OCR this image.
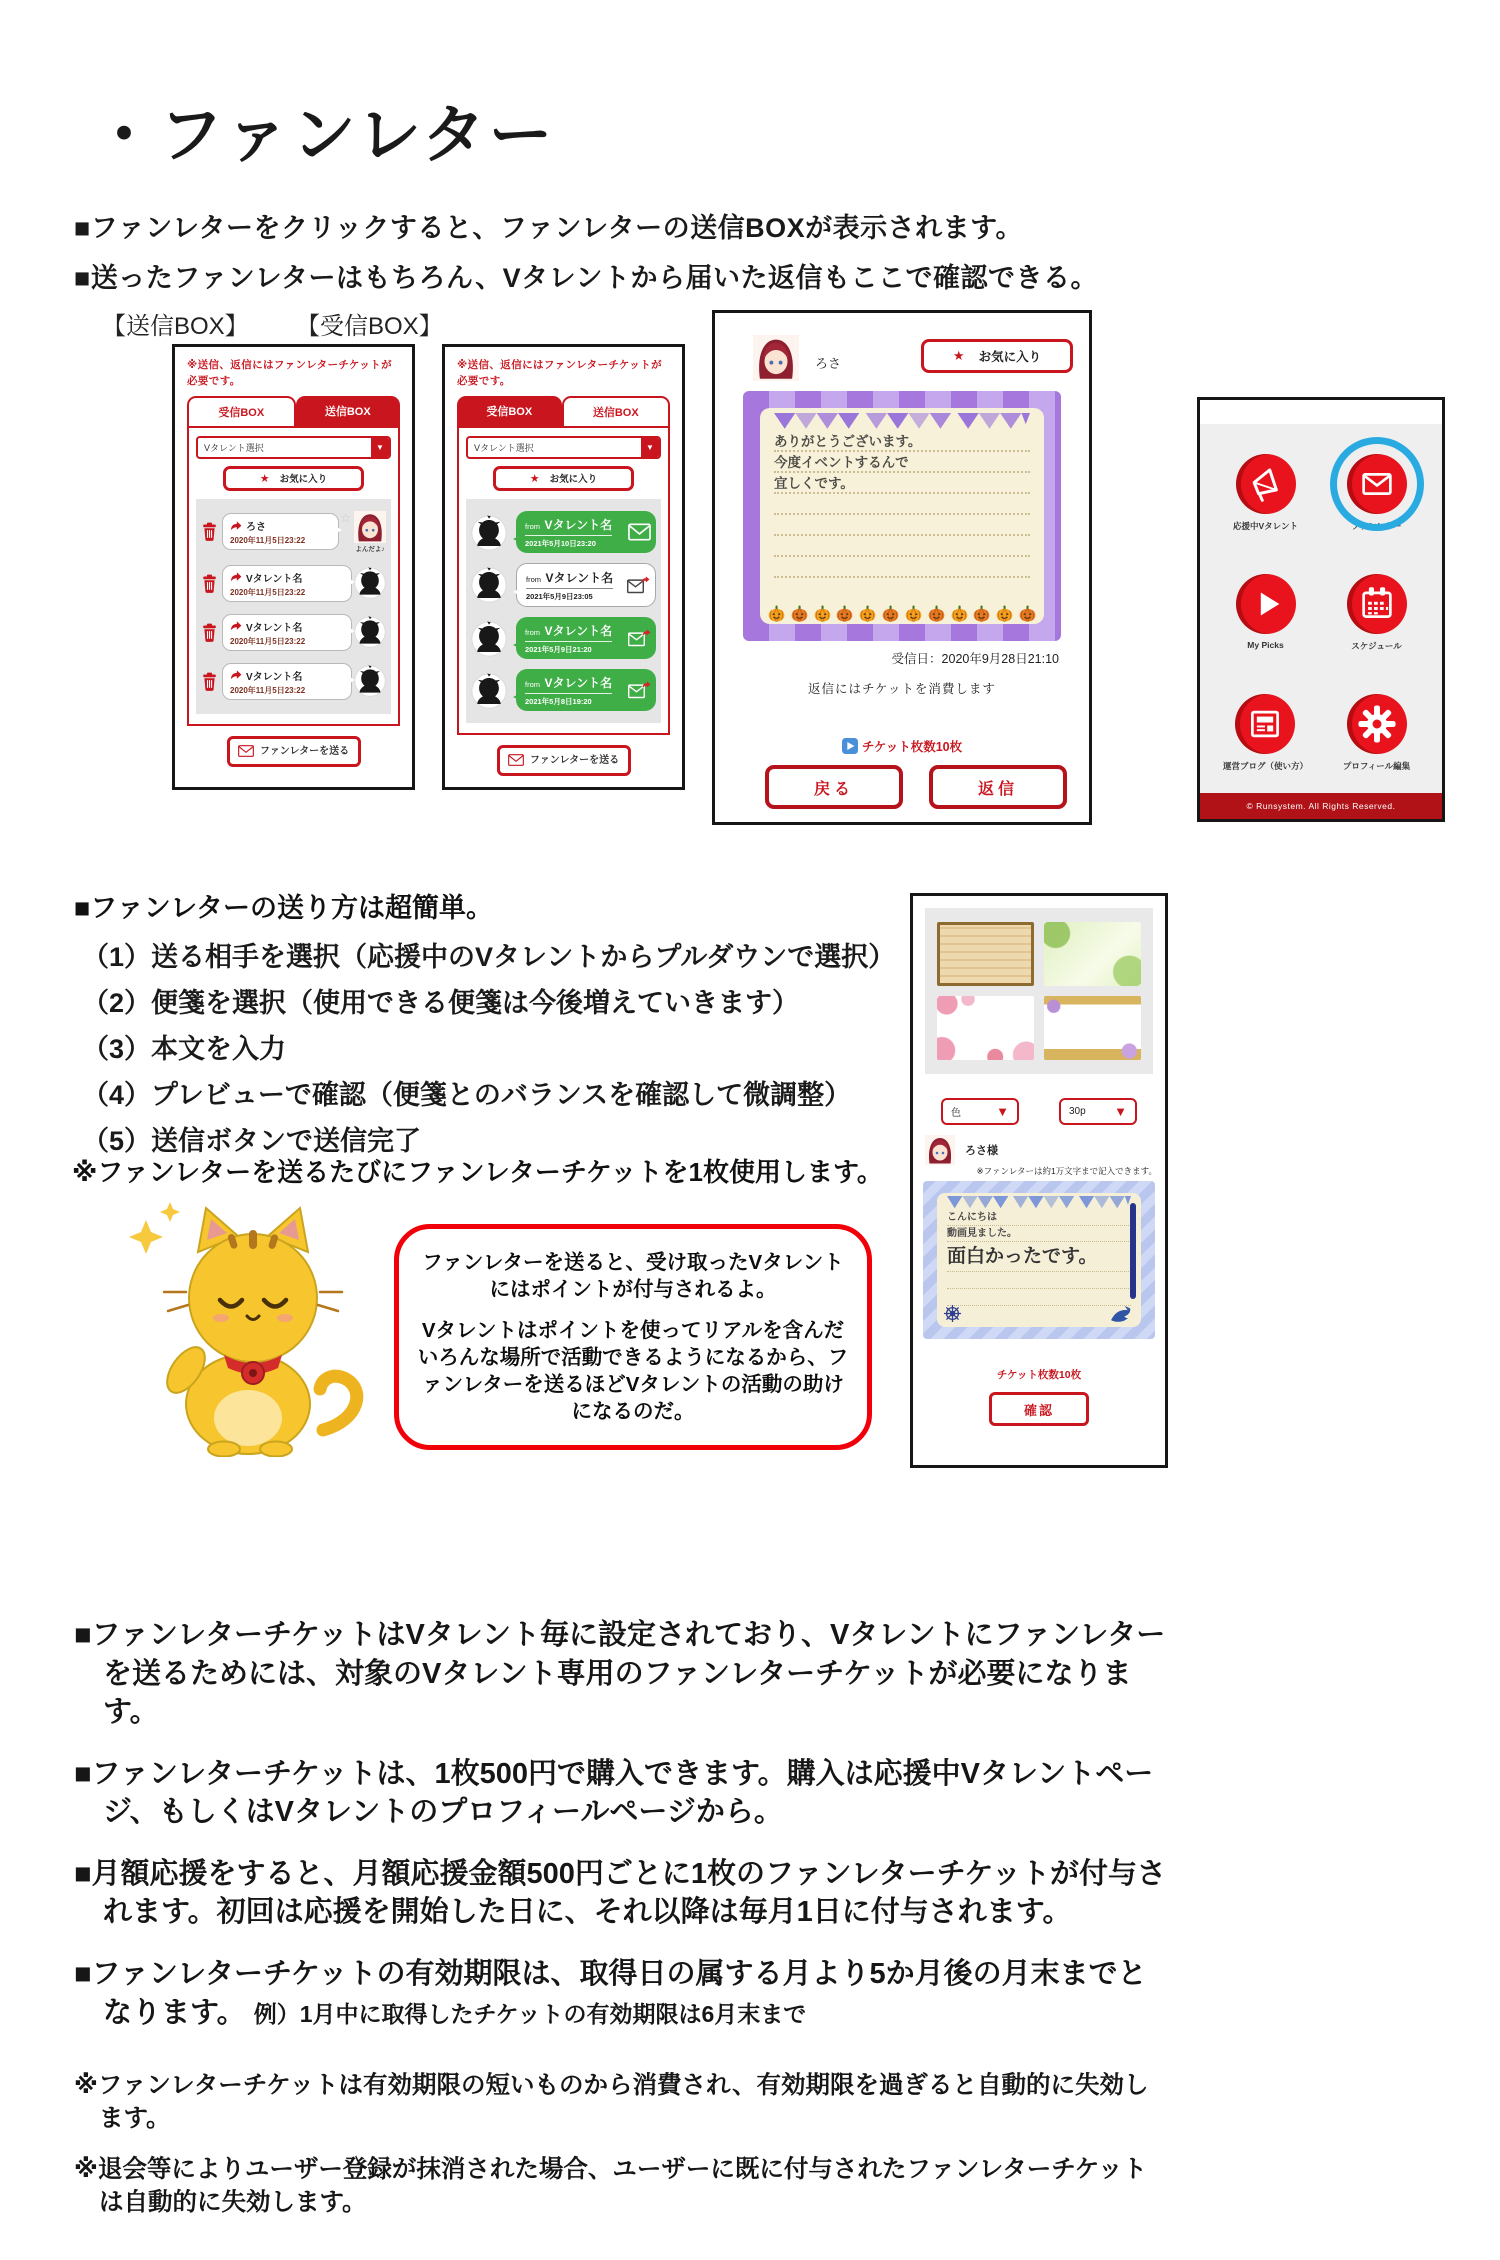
・ファンレター
■ファンレターをクリックすると、ファンレターの送信BOXが表示されます。
■送ったファンレターはもちろん、Vタレントから届いた返信もここで確認できる。
【送信BOX】 【受信BOX】
※送信、返信にはファンレターチケットが必要です。
受信BOX	送信BOX
Vタレント選択	▼
★ お気に入り
ろさ
2020年11月5日23:22
☆
よんだよ♪
Vタレント名
2020年11月5日23:22
Vタレント名
2020年11月5日23:22
Vタレント名
2020年11月5日23:22
ファンレターを送る
※送信、返信にはファンレターチケットが必要です。
受信BOX	送信BOX
Vタレント選択	▼
★ お気に入り
from Vタレント名
2021年5月10日23:20
from Vタレント名
2021年5月9日23:05
from Vタレント名
2021年5月9日21:20
from Vタレント名
2021年5月8日19:20
ファンレターを送る
ろさ
★ お気に入り
ありがとうございます。
今度イベントするんで
宜しくです。
受信日：2020年9月28日21:10
返信にはチケットを消費します
チケット枚数10枚
戻る	返信
応援中Vタレント	ファンレター
My Picks	スケジュール
運営ブログ（使い方）	プロフィール編集
© Runsystem. All Rights Reserved.
■ファンレターの送り方は超簡単。
（1）送る相手を選択（応援中のVタレントからプルダウンで選択）
（2）便箋を選択（使用できる便箋は今後増えていきます）
（3）本文を入力
（4）プレビューで確認（便箋とのバランスを確認して微調整）
（5）送信ボタンで送信完了
※ファンレターを送るたびにファンレターチケットを1枚使用します。

ファンレターを送ると、受け取ったVタレントにはポイントが付与されるよ。

Vタレントはポイントを使ってリアルを含んだいろんな場所で活動できるようになるから、ファンレターを送るほどVタレントの活動の助けになるのだ。

色	▼	30p ▼
ろさ様
※ファンレターは約1万文字まで記入できます。
こんにちは
動画見ました。
面白かったです。
チケット枚数10枚
確認
■ファンレターチケットはVタレント毎に設定されており、Vタレントにファンレターを送るためには、対象のVタレント専用のファンレターチケットが必要になります。
■ファンレターチケットは、1枚500円で購入できます。購入は応援中Vタレントページ、もしくはVタレントのプロフィールページから。
■月額応援をすると、月額応援金額500円ごとに1枚のファンレターチケットが付与されます。初回は応援を開始した日に、それ以降は毎月1日に付与されます。
■ファンレターチケットの有効期限は、取得日の属する月より5か月後の月末までとなります。 例）1月中に取得したチケットの有効期限は6月末まで
※ファンレターチケットは有効期限の短いものから消費され、有効期限を過ぎると自動的に失効します。
※退会等によりユーザー登録が抹消された場合、ユーザーに既に付与されたファンレターチケットは自動的に失効します。
